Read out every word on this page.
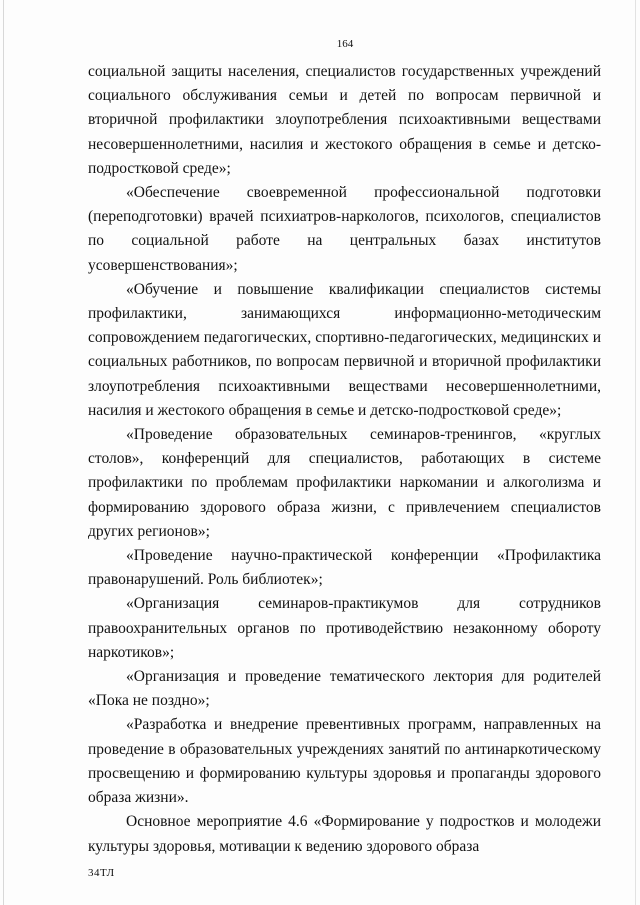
164

социальной защиты населения, специалистов государственных учреждений социального обслуживания семьи и детей по вопросам первичной и вторичной профилактики злоупотребления психоактивными веществами несовершеннолетними, насилия и жестокого обращения в семье и детско-подростковой среде»;

«Обеспечение своевременной профессиональной подготовки (переподготовки) врачей психиатров-наркологов, психологов, специалистов по социальной работе на центральных базах институтов усовершенствования»;

«Обучение и повышение квалификации специалистов системы профилактики, занимающихся информационно-методическим сопровождением педагогических, спортивно-педагогических, медицинских и социальных работников, по вопросам первичной и вторичной профилактики злоупотребления психоактивными веществами несовершеннолетними, насилия и жестокого обращения в семье и детско-подростковой среде»;

«Проведение образовательных семинаров-тренингов, «круглых столов», конференций для специалистов, работающих в системе профилактики по проблемам профилактики наркомании и алкоголизма и формированию здорового образа жизни, с привлечением специалистов других регионов»;

«Проведение научно-практической конференции «Профилактика правонарушений. Роль библиотек»;

«Организация семинаров-практикумов для сотрудников правоохранительных органов по противодействию незаконному обороту наркотиков»;

«Организация и проведение тематического лектория для родителей «Пока не поздно»;

«Разработка и внедрение превентивных программ, направленных на проведение в образовательных учреждениях занятий по антинаркотическому просвещению и формированию культуры здоровья и пропаганды здорового образа жизни».

Основное мероприятие 4.6 «Формирование у подростков и молодежи культуры здоровья, мотивации к ведению здорового образа

34ТЛ
